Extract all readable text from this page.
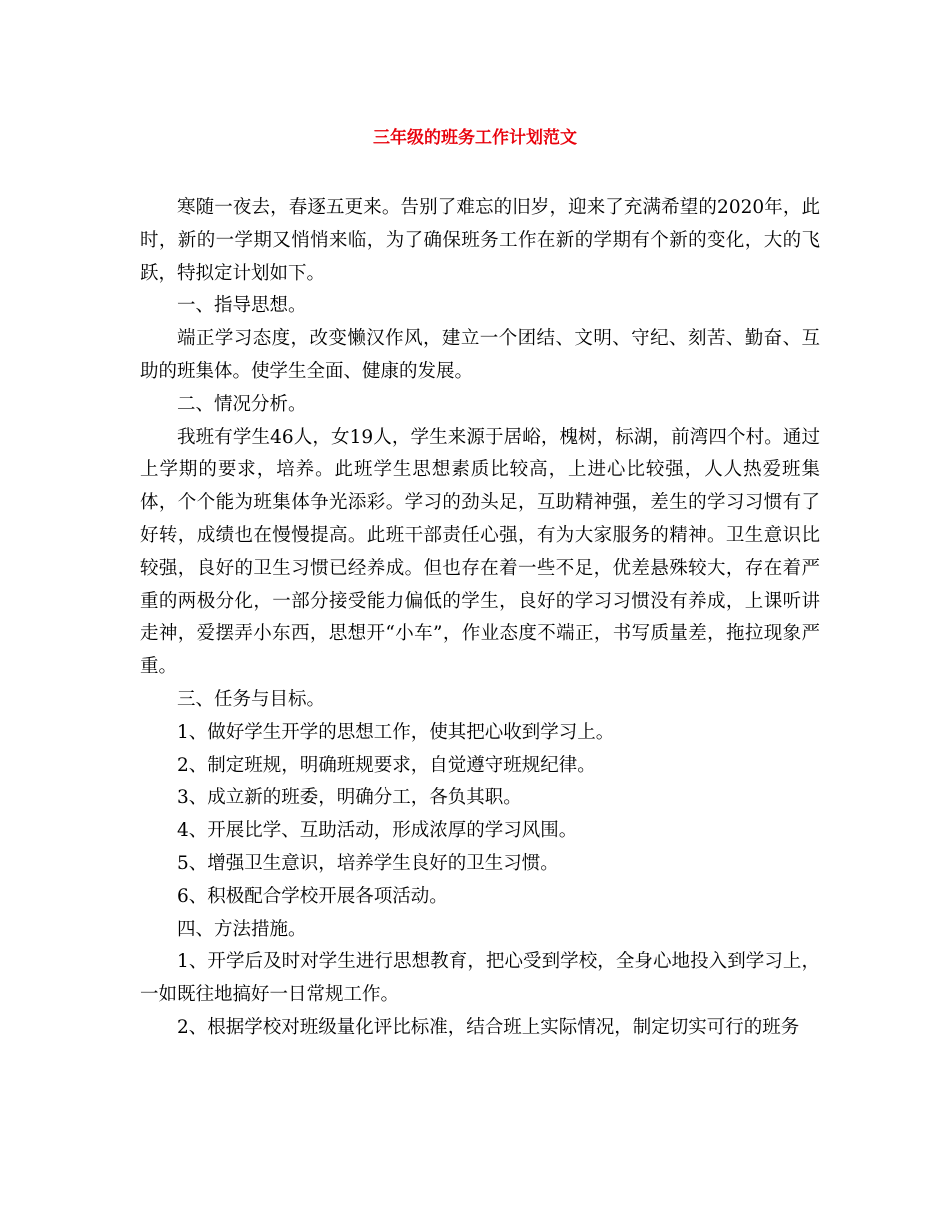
三年级的班务工作计划范文

寒随一夜去，春逐五更来。告别了难忘的旧岁，迎来了充满希望的2020年，此时，新的一学期又悄悄来临，为了确保班务工作在新的学期有个新的变化，大的飞跃，特拟定计划如下。

一、指导思想。

端正学习态度，改变懒汉作风，建立一个团结、文明、守纪、刻苦、勤奋、互助的班集体。使学生全面、健康的发展。

二、情况分析。

我班有学生46人，女19人，学生来源于居峪，槐树，标湖，前湾四个村。通过上学期的要求，培养。此班学生思想素质比较高，上进心比较强，人人热爱班集体，个个能为班集体争光添彩。学习的劲头足，互助精神强，差生的学习习惯有了好转，成绩也在慢慢提高。此班干部责任心强，有为大家服务的精神。卫生意识比较强，良好的卫生习惯已经养成。但也存在着一些不足，优差悬殊较大，存在着严重的两极分化，一部分接受能力偏低的学生，良好的学习习惯没有养成，上课听讲走神，爱摆弄小东西，思想开“小车”，作业态度不端正，书写质量差，拖拉现象严重。

三、任务与目标。

1、做好学生开学的思想工作，使其把心收到学习上。

2、制定班规，明确班规要求，自觉遵守班规纪律。

3、成立新的班委，明确分工，各负其职。

4、开展比学、互助活动，形成浓厚的学习风围。

5、增强卫生意识，培养学生良好的卫生习惯。

6、积极配合学校开展各项活动。

四、方法措施。

1、开学后及时对学生进行思想教育，把心受到学校，全身心地投入到学习上，一如既往地搞好一日常规工作。

2、根据学校对班级量化评比标准，结合班上实际情况，制定切实可行的班务
